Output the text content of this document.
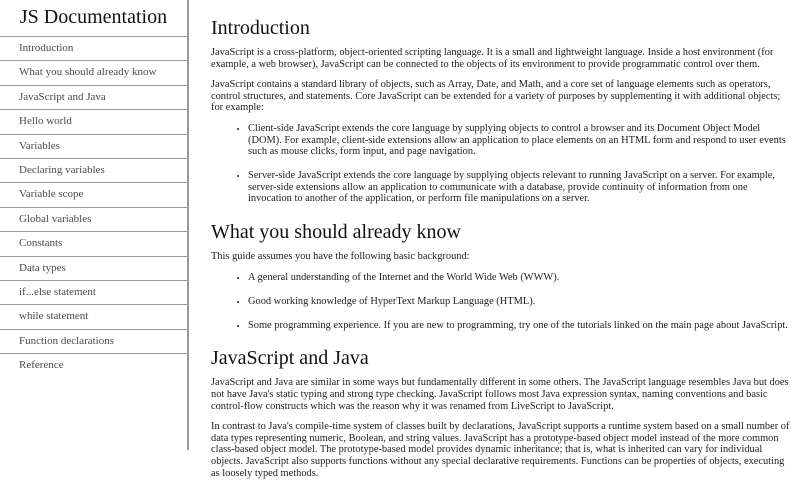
JS Documentation
Introduction
What you should already know
JavaScript and Java
Hello world
Variables
Declaring variables
Variable scope
Global variables
Constants
Data types
if...else statement
while statement
Function declarations
Reference
Introduction

JavaScript is a cross-platform, object-oriented scripting language. It is a small and lightweight language. Inside a host environment (for example, a web browser), JavaScript can be connected to the objects of its environment to provide programmatic control over them.

JavaScript contains a standard library of objects, such as Array, Date, and Math, and a core set of language elements such as operators, control structures, and statements. Core JavaScript can be extended for a variety of purposes by supplementing it with additional objects; for example:

• Client-side JavaScript extends the core language by supplying objects to control a browser and its Document Object Model (DOM). For example, client-side extensions allow an application to place elements on an HTML form and respond to user events such as mouse clicks, form input, and page navigation.
• Server-side JavaScript extends the core language by supplying objects relevant to running JavaScript on a server. For example, server-side extensions allow an application to communicate with a database, provide continuity of information from one invocation to another of the application, or perform file manipulations on a server.
What you should already know

This guide assumes you have the following basic background:

• A general understanding of the Internet and the World Wide Web (WWW).
• Good working knowledge of HyperText Markup Language (HTML).
• Some programming experience. If you are new to programming, try one of the tutorials linked on the main page about JavaScript.
JavaScript and Java

JavaScript and Java are similar in some ways but fundamentally different in some others. The JavaScript language resembles Java but does not have Java's static typing and strong type checking. JavaScript follows most Java expression syntax, naming conventions and basic control-flow constructs which was the reason why it was renamed from LiveScript to JavaScript.

In contrast to Java's compile-time system of classes built by declarations, JavaScript supports a runtime system based on a small number of data types representing numeric, Boolean, and string values. JavaScript has a prototype-based object model instead of the more common class-based object model. The prototype-based model provides dynamic inheritance; that is, what is inherited can vary for individual objects. JavaScript also supports functions without any special declarative requirements. Functions can be properties of objects, executing as loosely typed methods.
